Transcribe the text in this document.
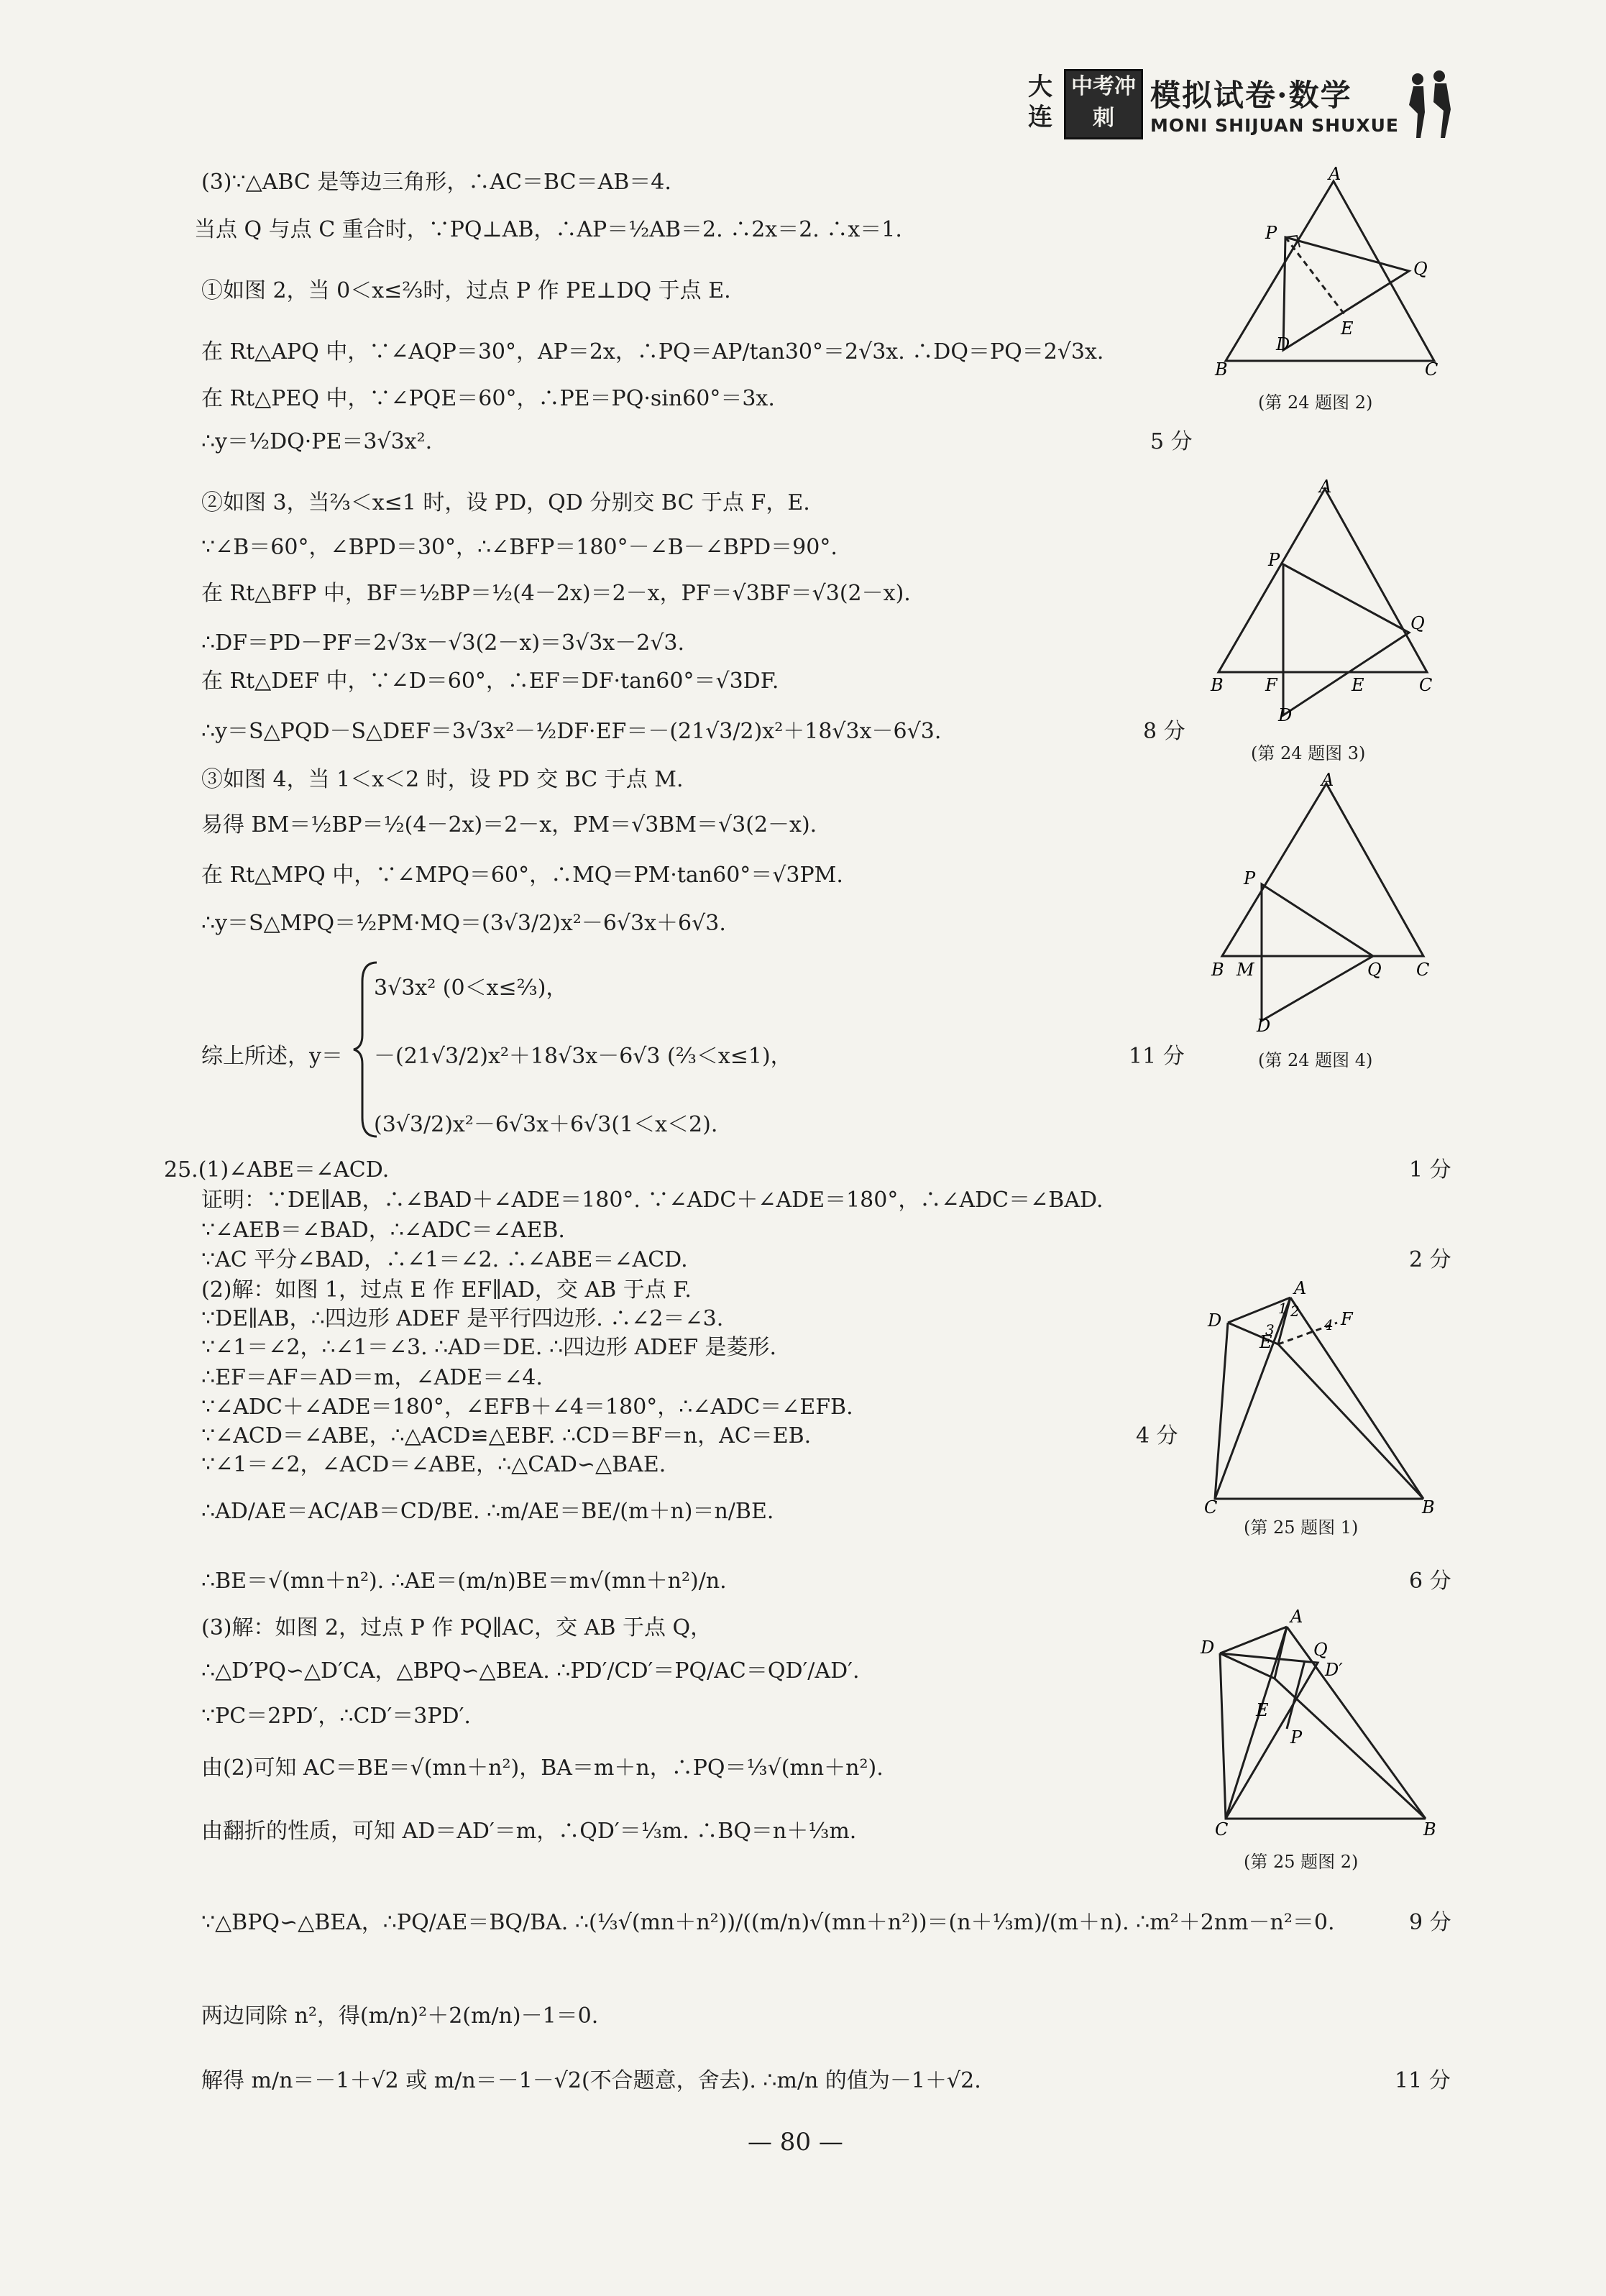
大连
中考冲刺
模拟试卷·数学
MONI SHIJUAN SHUXUE
(3)∵△ABC 是等边三角形，∴AC＝BC＝AB＝4.
当点 Q 与点 C 重合时，∵PQ⊥AB，∴AP＝½AB＝2. ∴2x＝2. ∴x＝1.
①如图 2，当 0＜x≤⅔时，过点 P 作 PE⊥DQ 于点 E.
在 Rt△APQ 中，∵∠AQP＝30°，AP＝2x，∴PQ＝AP/tan30°＝2√3x. ∴DQ＝PQ＝2√3x.
在 Rt△PEQ 中，∵∠PQE＝60°，∴PE＝PQ·sin60°＝3x.
∴y＝½DQ·PE＝3√3x².
②如图 3，当⅔＜x≤1 时，设 PD，QD 分别交 BC 于点 F，E.
∵∠B＝60°，∠BPD＝30°，∴∠BFP＝180°－∠B－∠BPD＝90°.
在 Rt△BFP 中，BF＝½BP＝½(4－2x)＝2－x，PF＝√3BF＝√3(2－x).
∴DF＝PD－PF＝2√3x－√3(2－x)＝3√3x－2√3.
在 Rt△DEF 中，∵∠D＝60°，∴EF＝DF·tan60°＝√3DF.
∴y＝S△PQD－S△DEF＝3√3x²－½DF·EF＝－(21√3/2)x²＋18√3x－6√3.
③如图 4，当 1＜x＜2 时，设 PD 交 BC 于点 M.
易得 BM＝½BP＝½(4－2x)＝2－x，PM＝√3BM＝√3(2－x).
在 Rt△MPQ 中，∵∠MPQ＝60°，∴MQ＝PM·tan60°＝√3PM.
∴y＝S△MPQ＝½PM·MQ＝(3√3/2)x²－6√3x＋6√3.
3√3x² (0＜x≤⅔)，
综上所述，y＝ －(21√3/2)x²＋18√3x－6√3 (⅔＜x≤1)，
(3√3/2)x²－6√3x＋6√3(1＜x＜2).
25.(1)∠ABE＝∠ACD.
证明：∵DE∥AB，∴∠BAD＋∠ADE＝180°. ∵∠ADC＋∠ADE＝180°，∴∠ADC＝∠BAD.
∵∠AEB＝∠BAD，∴∠ADC＝∠AEB.
∵AC 平分∠BAD，∴∠1＝∠2. ∴∠ABE＝∠ACD.
(2)解：如图 1，过点 E 作 EF∥AD，交 AB 于点 F.
∵DE∥AB，∴四边形 ADEF 是平行四边形. ∴∠2＝∠3.
∵∠1＝∠2，∴∠1＝∠3. ∴AD＝DE. ∴四边形 ADEF 是菱形.
∴EF＝AF＝AD＝m，∠ADE＝∠4.
∵∠ADC＋∠ADE＝180°，∠EFB＋∠4＝180°，∴∠ADC＝∠EFB.
∵∠ACD＝∠ABE，∴△ACD≌△EBF. ∴CD＝BF＝n，AC＝EB.
∵∠1＝∠2，∠ACD＝∠ABE，∴△CAD∽△BAE.
∴AD/AE＝AC/AB＝CD/BE. ∴m/AE＝BE/(m＋n)＝n/BE.
∴BE＝√(mn＋n²). ∴AE＝(m/n)BE＝m√(mn＋n²)/n.
(3)解：如图 2，过点 P 作 PQ∥AC，交 AB 于点 Q，
∴△D′PQ∽△D′CA，△BPQ∽△BEA. ∴PD′/CD′＝PQ/AC＝QD′/AD′.
∵PC＝2PD′，∴CD′＝3PD′.
由(2)可知 AC＝BE＝√(mn＋n²)，BA＝m＋n，∴PQ＝⅓√(mn＋n²).
由翻折的性质，可知 AD＝AD′＝m，∴QD′＝⅓m. ∴BQ＝n＋⅓m.
∵△BPQ∽△BEA，∴PQ/AE＝BQ/BA. ∴(⅓√(mn＋n²))/((m/n)√(mn＋n²))＝(n＋⅓m)/(m＋n). ∴m²＋2nm－n²＝0.
两边同除 n²，得(m/n)²＋2(m/n)－1＝0.
解得 m/n＝－1＋√2 或 m/n＝－1－√2(不合题意，舍去). ∴m/n 的值为－1＋√2.
5 分
8 分
11 分
1 分
2 分
4 分
6 分
9 分
11 分
A
B	C
P
Q
D
E
(第 24 题图 2)
A
B	C
P
Q
F	E
D
(第 24 题图 3)
A
B	C
P
Q
M
D
(第 24 题图 4)
A
B
C
D
E
F
1 2
3	4
(第 25 题图 1)
A
B
C
D
E
P
Q
D′
(第 25 题图 2)
— 80 —
